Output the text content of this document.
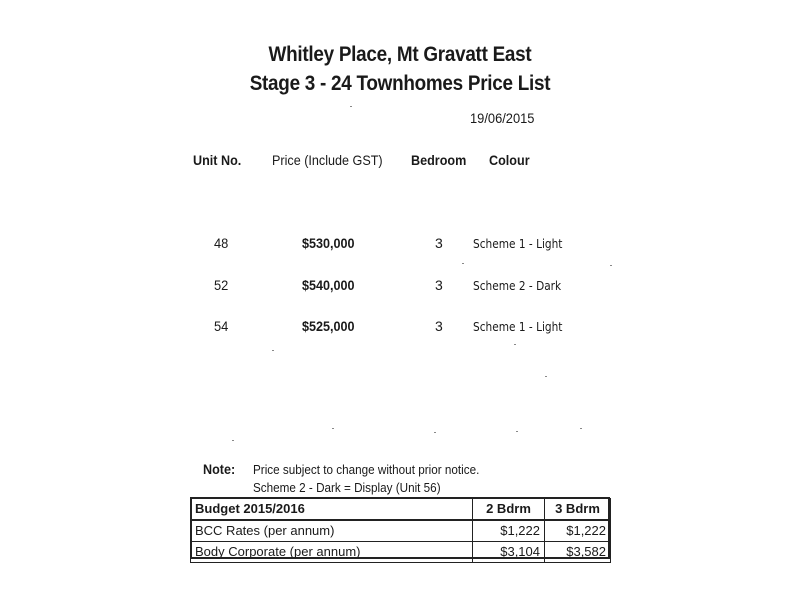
Whitley Place, Mt Gravatt East
Stage 3 - 24 Townhomes Price List
19/06/2015
Unit No. Price (Include GST) Bedroom Colour
48	$530,000	3	Scheme 1 - Light
52	$540,000	3	Scheme 2 - Dark
54	$525,000	3	Scheme 1 - Light
Note: Price subject to change without prior notice.
Scheme 2 - Dark = Display (Unit 56)
Budget 2015/2016	2 Bdrm	3 Bdrm
BCC Rates (per annum)	$1,222	$1,222
Body Corporate (per annum)	$3,104	$3,582
